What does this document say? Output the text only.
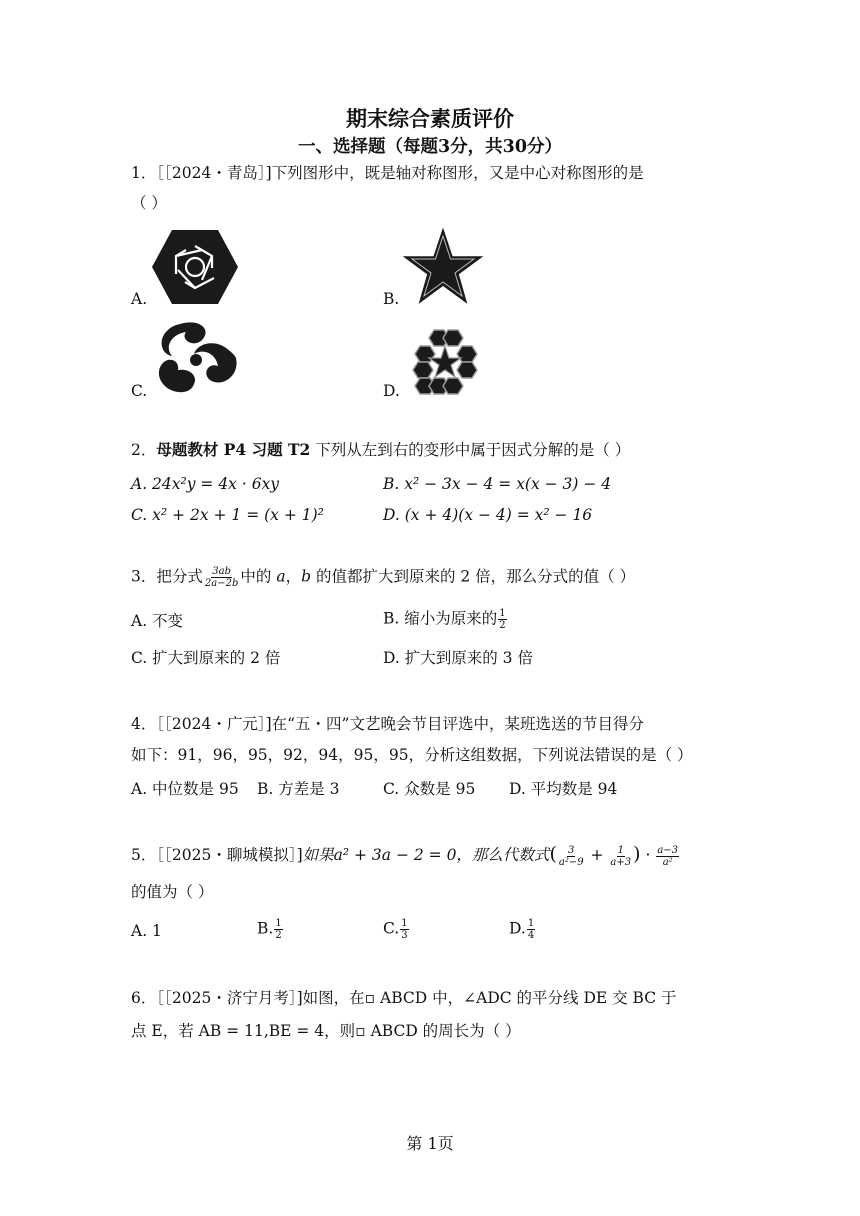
期末综合素质评价
一、选择题（每题3分，共30分）
1．［［2024・青岛］]下列图形中，既是轴对称图形，又是中心对称图形的是
（ ）
A.	B.
C.	D.
2．母题教材 P4 习题 T2 下列从左到右的变形中属于因式分解的是（ ）
A. 24x²y = 4x · 6xy	B. x² − 3x − 4 = x(x − 3) − 4
C. x² + 2x + 1 = (x + 1)²	D. (x + 4)(x − 4) = x² − 16
3．把分式 $\frac{3ab}{2a-2b}$ 中的 a，b 的值都扩大到原来的 2 倍，那么分式的值（ ）
A. 不变	B. 缩小为原来的 $\frac{1}{2}$
C. 扩大到原来的 2 倍	D. 扩大到原来的 3 倍
4．［［2024・广元］]在“五・四”文艺晚会节目评选中，某班选送的节目得分
如下：91，96，95，92，94，95，95，分析这组数据，下列说法错误的是（ ）
A. 中位数是 95 B. 方差是 3	C. 众数是 95 D. 平均数是 94
5．［［2025・聊城模拟］]如果a² + 3a − 2 = 0，那么代数式( $\frac{3}{\text{a²−9}} + \frac{1}{a+3}$ ) · $\frac{a-3}{\text{a²}}$
的值为（ ）
A. 1	B. $\frac{1}{2}$	C. $\frac{1}{3}$	D. $\frac{1}{4}$
6．［［2025・济宁月考］]如图，在▫ ABCD 中，∠ADC 的平分线 DE 交 BC 于
点 E，若 AB = 11,BE = 4，则▫ ABCD 的周长为（ ）
第 1页
